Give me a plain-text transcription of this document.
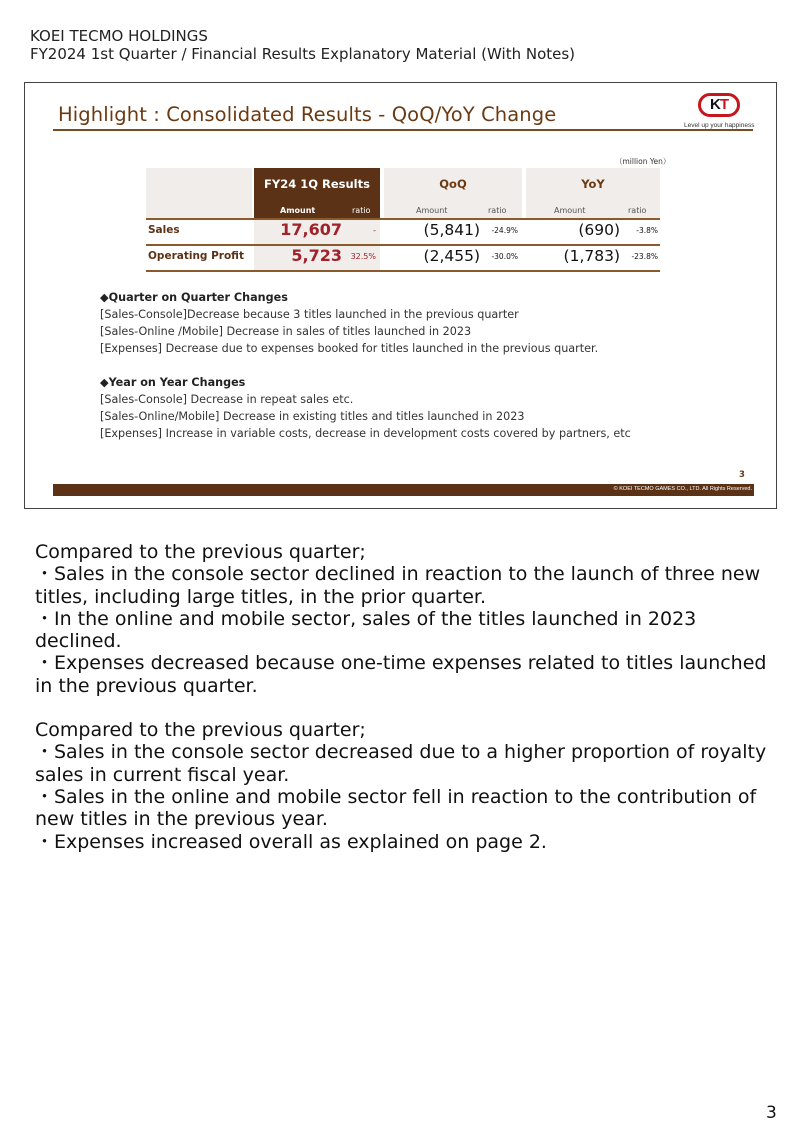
KOEI TECMO HOLDINGS
FY2024 1st Quarter / Financial Results Explanatory Material (With Notes)
Highlight : Consolidated Results - QoQ/YoY Change	KT
Level up your happiness
（million Yen）
FY24 1Q Results
Amount	ratio
QoQ
Amount	ratio
YoY
Amount	ratio
Sales	17,607	-	(5,841)	-24.9%	(690)	-3.8%
Operating Profit	5,723	32.5%	(2,455)	-30.0%	(1,783)	-23.8%
◆Quarter on Quarter Changes
[Sales-Console]Decrease because 3 titles launched in the previous quarter
[Sales-Online /Mobile] Decrease in sales of titles launched in 2023
[Expenses] Decrease due to expenses booked for titles launched in the previous quarter.
◆Year on Year Changes
[Sales-Console] Decrease in repeat sales etc.
[Sales-Online/Mobile] Decrease in existing titles and titles launched in 2023
[Expenses] Increase in variable costs, decrease in development costs covered by partners, etc
3
© KOEI TECMO GAMES CO., LTD. All Rights Reserved.

Compared to the previous quarter;

・Sales in the console sector declined in reaction to the launch of three new titles, including large titles, in the prior quarter.

・In the online and mobile sector, sales of the titles launched in 2023 declined.

・Expenses decreased because one-time expenses related to titles launched in the previous quarter.

Compared to the previous quarter;

・Sales in the console sector decreased due to a higher proportion of royalty sales in current fiscal year.

・Sales in the online and mobile sector fell in reaction to the contribution of new titles in the previous year.

・Expenses increased overall as explained on page 2.

3
